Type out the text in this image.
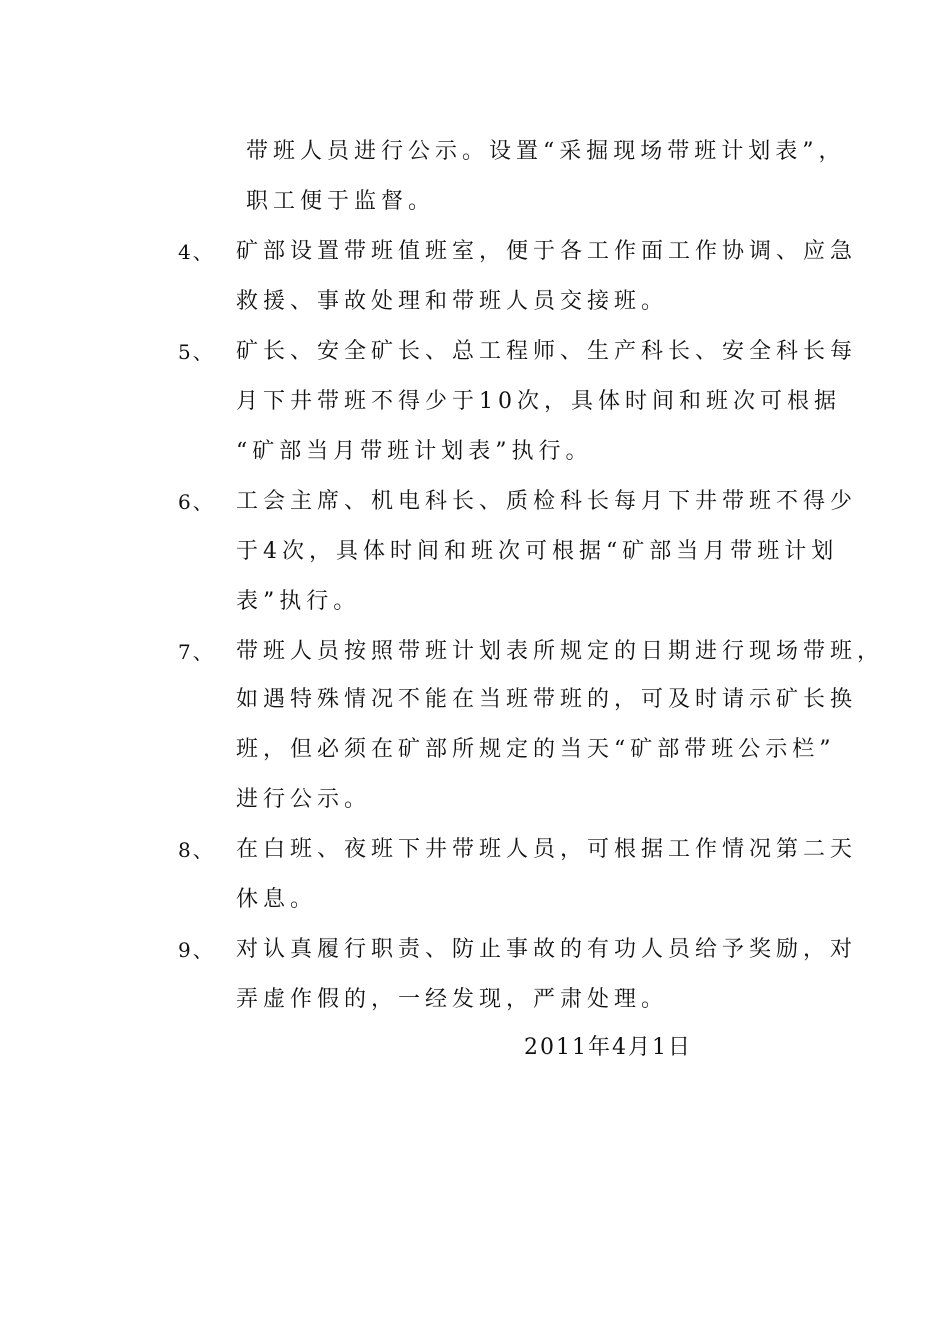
带班人员进行公示。设置“采掘现场带班计划表”，
职工便于监督。
4、 矿部设置带班值班室，便于各工作面工作协调、应急
救援、事故处理和带班人员交接班。
5、 矿长、安全矿长、总工程师、生产科长、安全科长每
月下井带班不得少于10次，具体时间和班次可根据
“矿部当月带班计划表”执行。
6、 工会主席、机电科长、质检科长每月下井带班不得少
于4次，具体时间和班次可根据“矿部当月带班计划
表”执行。
7、 带班人员按照带班计划表所规定的日期进行现场带班，
如遇特殊情况不能在当班带班的，可及时请示矿长换
班，但必须在矿部所规定的当天“矿部带班公示栏”
进行公示。
8、 在白班、夜班下井带班人员，可根据工作情况第二天
休息。
9、 对认真履行职责、防止事故的有功人员给予奖励，对
弄虚作假的，一经发现，严肃处理。
2011年4月1日
